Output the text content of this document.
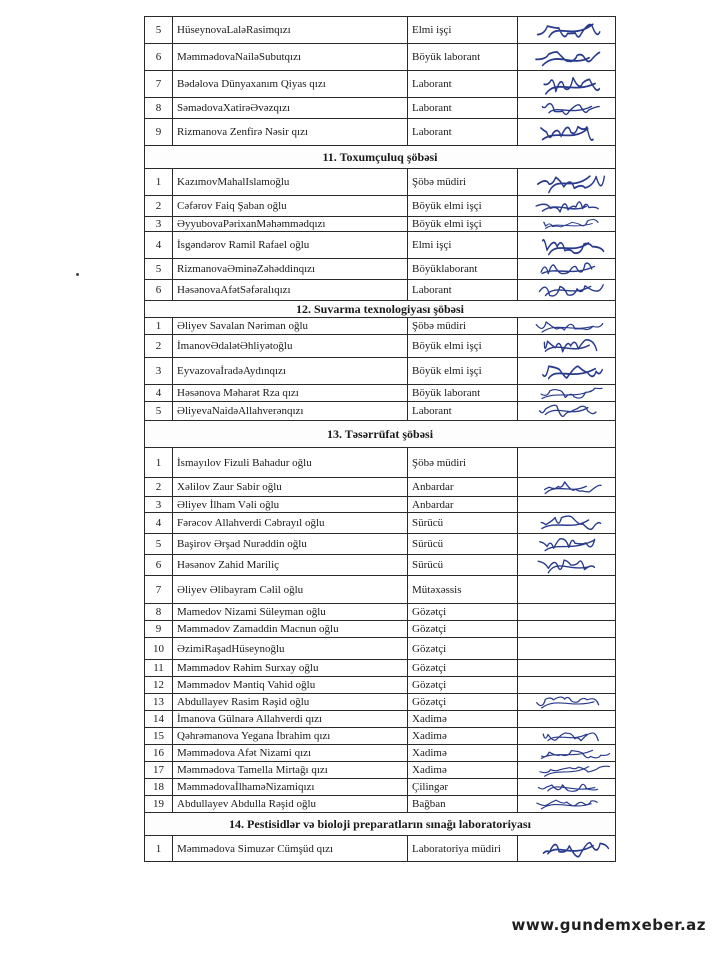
5	HüseynovaLaləRasimqızı	Elmi işçi	

6	MəmmədovaNailəSubutqızı	Böyük laborant	

7	Bədəlova Dünyaxanım Qiyas qızı	Laborant	

8	SəmədovaXatirəƏvəzqızı	Laborant	

9	Rizmanova Zenfirə Nəsir qızı	Laborant	

11. Toxumçuluq şöbəsi			
1	KazımovMahalIslamoğlu	Şöbə müdiri	

2	Cəfərov Faiq Şaban oğlu	Böyük elmi işçi	

3	ƏyyubovaPərixanMəhəmmədqızı	Böyük elmi işçi	

4	İsgəndərov Ramil Rafael oğlu	Elmi işçi	

5	RizmanovaƏminəZəhəddinqızı	Böyüklaborant	

6	HəsənovaAfətSəfəralıqızı	Laborant	

12. Suvarma texnologiyası şöbəsi			
1	Əliyev Savalan Nəriman oğlu	Şöbə müdiri	

2	İmanovƏdalətƏhliyətoğlu	Böyük elmi işçi	

3	EyvazovaİradəAydınqızı	Böyük elmi işçi	

4	Həsənova Məharət Rza qızı	Böyük laborant	

5	ƏliyevaNaidəAllahverənqızı	Laborant	

13. Təsərrüfat şöbəsi			
1	İsmayılov Fizuli Bahadur oğlu	Şöbə müdiri	
2	Xəlilov Zaur Sabir oğlu	Anbardar	

3	Əliyev İlham Vəli oğlu	Anbardar	
4	Fərəcov Allahverdi Cəbrayıl oğlu	Sürücü	

5	Başirov Ərşad Nurəddin oğlu	Sürücü	

6	Həsənov Zahid Mariliç	Sürücü	

7	Əliyev Əlibayram Cəlil oğlu	Mütəxəssis	
8	Mamedov Nizami Süleyman oğlu	Gözətçi	
9	Məmmədov Zamaddin Macnun oğlu	Gözətçi	
10	ƏzimiRaşadHüseynoğlu	Gözətçi	
11	Məmmədov Rəhim Surxay oğlu	Gözətçi	
12	Məmmədov Məntiq Vahid oğlu	Gözətçi	
13	Abdullayev Rasim Rəşid oğlu	Gözətçi	

14	İmanova Gülnarə Allahverdi qızı	Xadimə	
15	Qəhrəmanova Yegana İbrahim qızı	Xadimə	

16	Məmmədova Afət Nizami qızı	Xadimə	

17	Məmmədova Tamella Mirtağı qızı	Xadimə	

18	MəmmədovaİlhaməNizamiqızı	Çilingər	

19	Abdullayev Abdulla Rəşid oğlu	Bağban	

14. Pestisidlər və bioloji preparatların sınağı laboratoriyası			
1	Məmmədova Simuzər Cümşüd qızı	Laboratoriya müdiri	
www.gundemxeber.az
